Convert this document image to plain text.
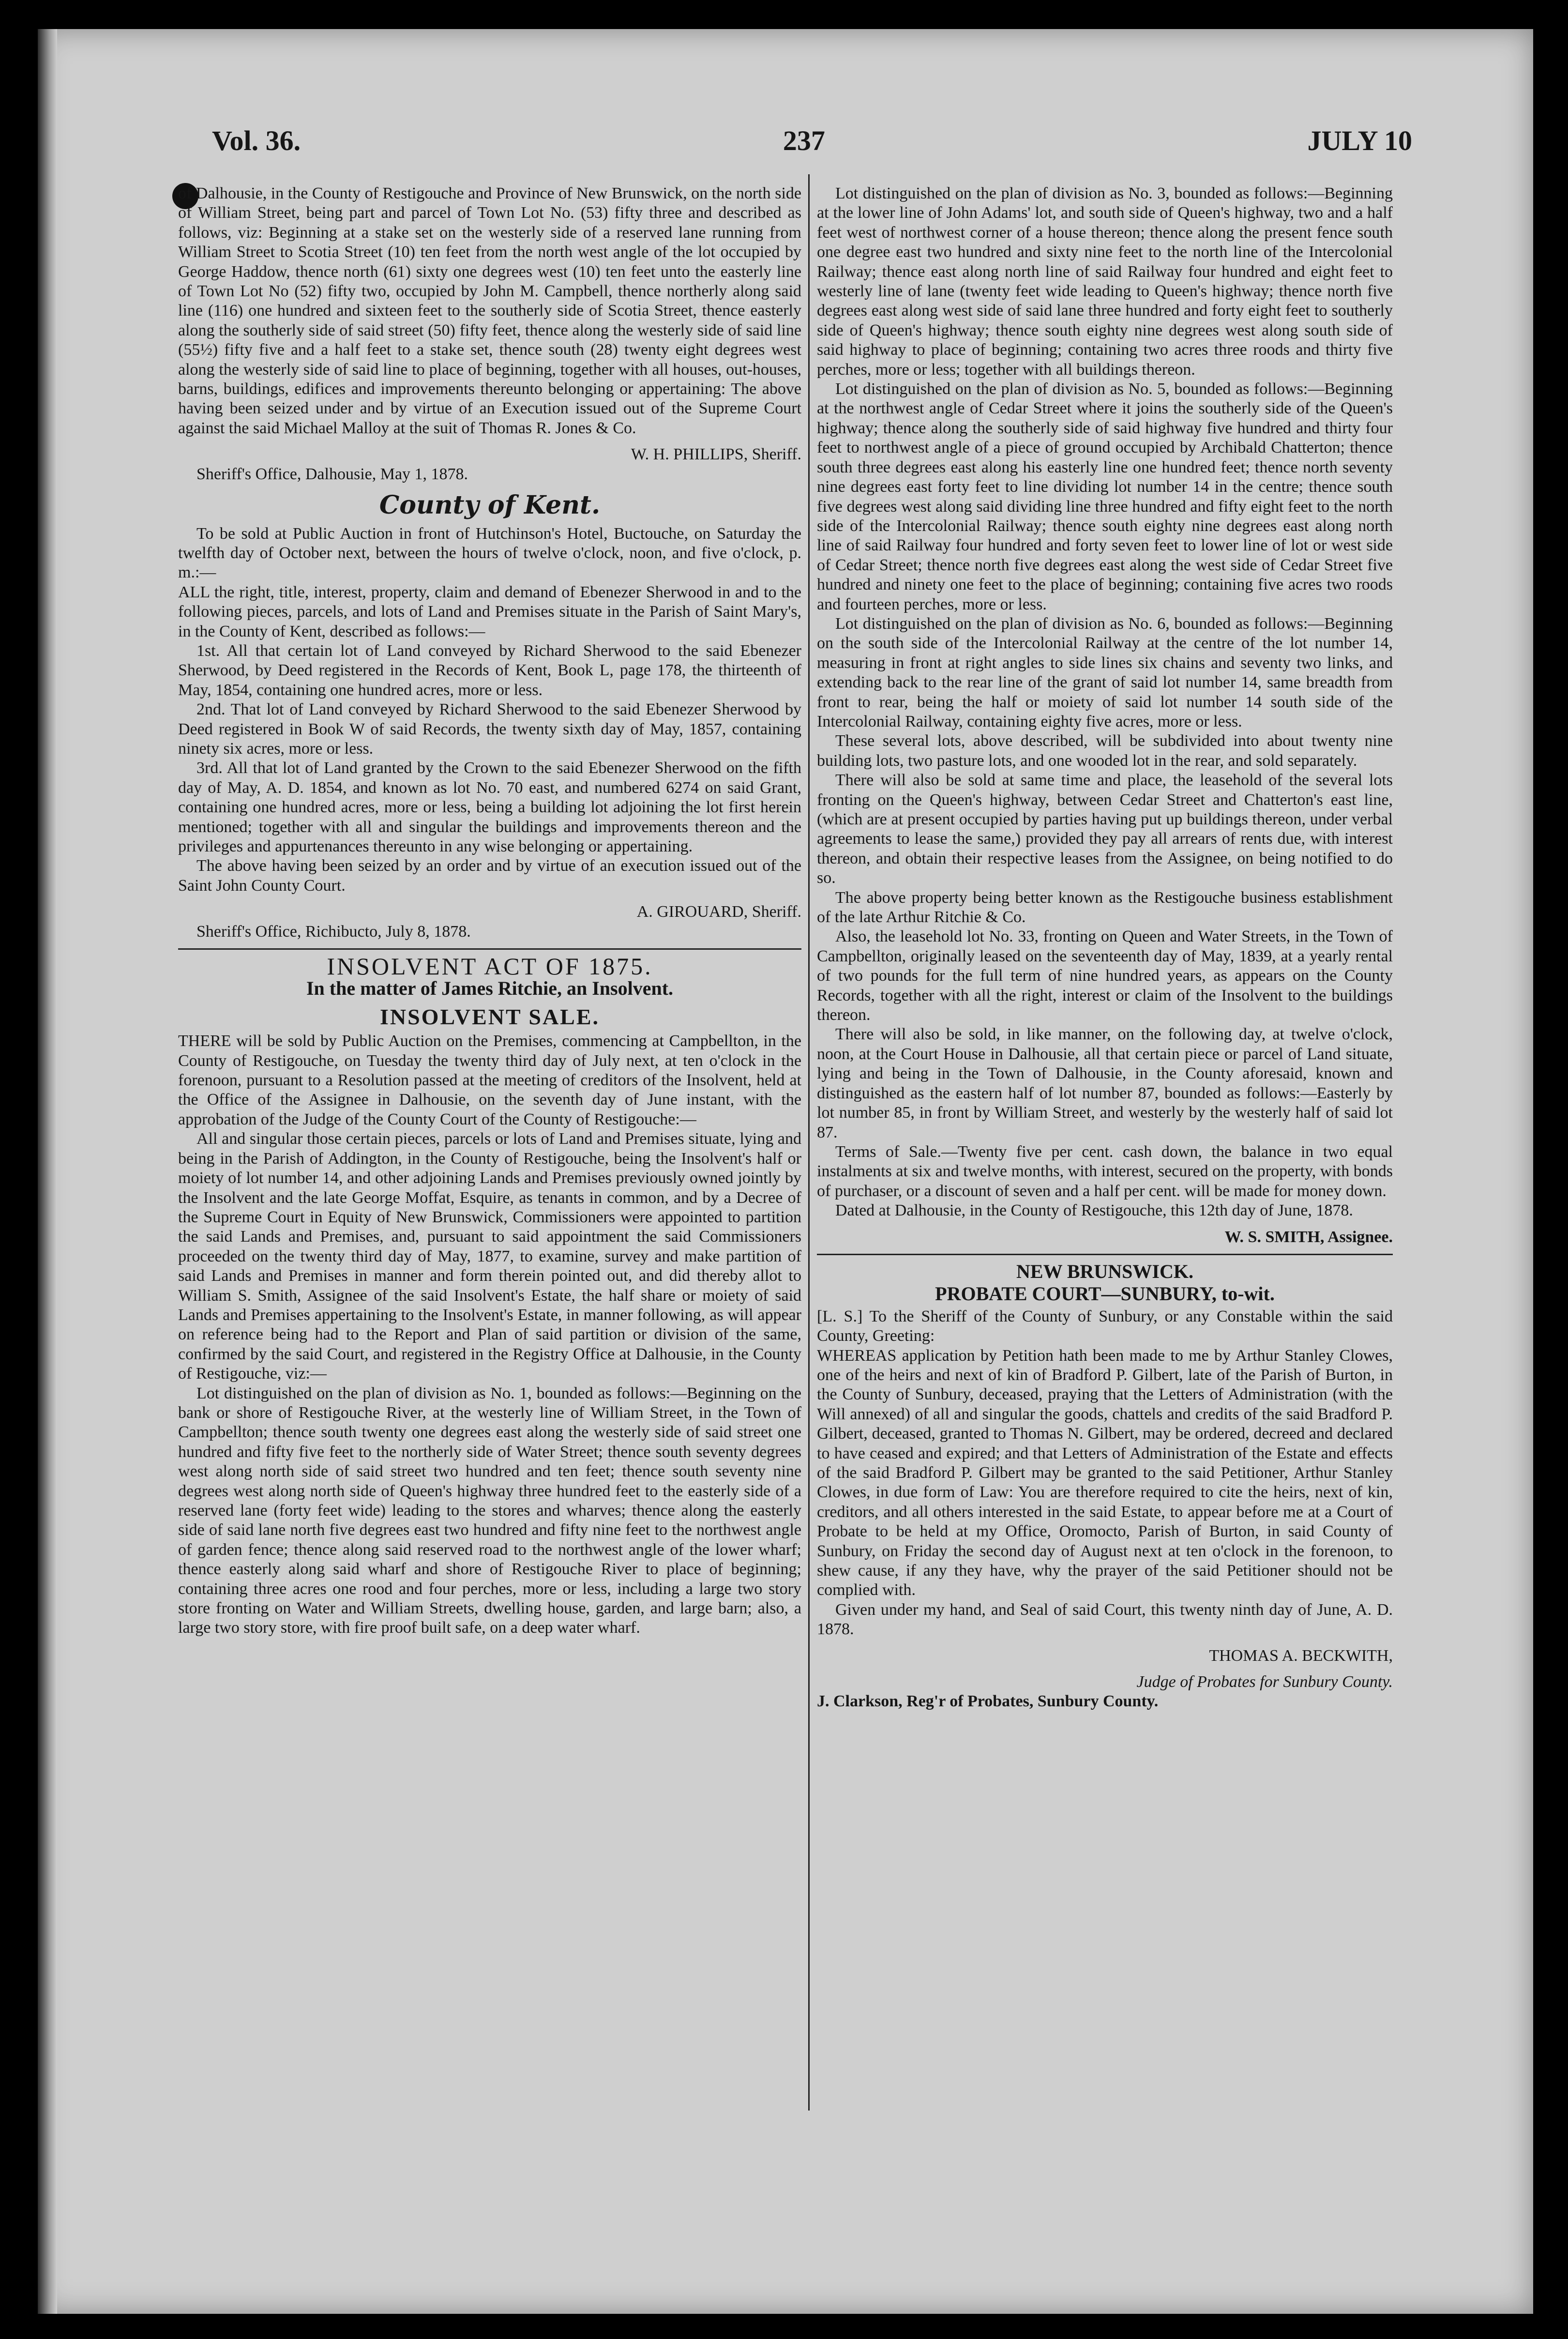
Vol. 36.	237	JULY 10

of Dalhousie, in the County of Restigouche and Province of New Brunswick, on the north side of William Street, being part and parcel of Town Lot No. (53) fifty three and described as follows, viz: Beginning at a stake set on the westerly side of a reserved lane running from William Street to Scotia Street (10) ten feet from the north west angle of the lot occupied by George Haddow, thence north (61) sixty one degrees west (10) ten feet unto the easterly line of Town Lot No (52) fifty two, occupied by John M. Campbell, thence northerly along said line (116) one hundred and sixteen feet to the southerly side of Scotia Street, thence easterly along the southerly side of said street (50) fifty feet, thence along the westerly side of said line (55½) fifty five and a half feet to a stake set, thence south (28) twenty eight degrees west along the westerly side of said line to place of beginning, together with all houses, out-houses, barns, buildings, edifices and improvements thereunto belonging or appertaining: The above having been seized under and by virtue of an Execution issued out of the Supreme Court against the said Michael Malloy at the suit of Thomas R. Jones & Co.

W. H. PHILLIPS, Sheriff.

Sheriff's Office, Dalhousie, May 1, 1878.

County of Kent.

To be sold at Public Auction in front of Hutchinson's Hotel, Buctouche, on Saturday the twelfth day of October next, between the hours of twelve o'clock, noon, and five o'clock, p. m.:—

ALL the right, title, interest, property, claim and demand of Ebenezer Sherwood in and to the following pieces, parcels, and lots of Land and Premises situate in the Parish of Saint Mary's, in the County of Kent, described as follows:—

1st. All that certain lot of Land conveyed by Richard Sherwood to the said Ebenezer Sherwood, by Deed registered in the Records of Kent, Book L, page 178, the thirteenth of May, 1854, containing one hundred acres, more or less.

2nd. That lot of Land conveyed by Richard Sherwood to the said Ebenezer Sherwood by Deed registered in Book W of said Records, the twenty sixth day of May, 1857, containing ninety six acres, more or less.

3rd. All that lot of Land granted by the Crown to the said Ebenezer Sherwood on the fifth day of May, A. D. 1854, and known as lot No. 70 east, and numbered 6274 on said Grant, containing one hundred acres, more or less, being a building lot adjoining the lot first herein mentioned; together with all and singular the buildings and improvements thereon and the privileges and appurtenances thereunto in any wise belonging or appertaining.

The above having been seized by an order and by virtue of an execution issued out of the Saint John County Court.

A. GIROUARD, Sheriff.

Sheriff's Office, Richibucto, July 8, 1878.

INSOLVENT ACT OF 1875.
In the matter of James Ritchie, an Insolvent.
INSOLVENT SALE.

THERE will be sold by Public Auction on the Premises, commencing at Campbellton, in the County of Restigouche, on Tuesday the twenty third day of July next, at ten o'clock in the forenoon, pursuant to a Resolution passed at the meeting of creditors of the Insolvent, held at the Office of the Assignee in Dalhousie, on the seventh day of June instant, with the approbation of the Judge of the County Court of the County of Restigouche:—

All and singular those certain pieces, parcels or lots of Land and Premises situate, lying and being in the Parish of Addington, in the County of Restigouche, being the Insolvent's half or moiety of lot number 14, and other adjoining Lands and Premises previously owned jointly by the Insolvent and the late George Moffat, Esquire, as tenants in common, and by a Decree of the Supreme Court in Equity of New Brunswick, Commissioners were appointed to partition the said Lands and Premises, and, pursuant to said appointment the said Commissioners proceeded on the twenty third day of May, 1877, to examine, survey and make partition of said Lands and Premises in manner and form therein pointed out, and did thereby allot to William S. Smith, Assignee of the said Insolvent's Estate, the half share or moiety of said Lands and Premises appertaining to the Insolvent's Estate, in manner following, as will appear on reference being had to the Report and Plan of said partition or division of the same, confirmed by the said Court, and registered in the Registry Office at Dalhousie, in the County of Restigouche, viz:—

Lot distinguished on the plan of division as No. 1, bounded as follows:—Beginning on the bank or shore of Restigouche River, at the westerly line of William Street, in the Town of Campbellton; thence south twenty one degrees east along the westerly side of said street one hundred and fifty five feet to the northerly side of Water Street; thence south seventy degrees west along north side of said street two hundred and ten feet; thence south seventy nine degrees west along north side of Queen's highway three hundred feet to the easterly side of a reserved lane (forty feet wide) leading to the stores and wharves; thence along the easterly side of said lane north five degrees east two hundred and fifty nine feet to the northwest angle of garden fence; thence along said reserved road to the northwest angle of the lower wharf; thence easterly along said wharf and shore of Restigouche River to place of beginning; containing three acres one rood and four perches, more or less, including a large two story store fronting on Water and William Streets, dwelling house, garden, and large barn; also, a large two story store, with fire proof built safe, on a deep water wharf.

Lot distinguished on the plan of division as No. 3, bounded as follows:—Beginning at the lower line of John Adams' lot, and south side of Queen's highway, two and a half feet west of northwest corner of a house thereon; thence along the present fence south one degree east two hundred and sixty nine feet to the north line of the Intercolonial Railway; thence east along north line of said Railway four hundred and eight feet to westerly line of lane (twenty feet wide leading to Queen's highway; thence north five degrees east along west side of said lane three hundred and forty eight feet to southerly side of Queen's highway; thence south eighty nine degrees west along south side of said highway to place of beginning; containing two acres three roods and thirty five perches, more or less; together with all buildings thereon.

Lot distinguished on the plan of division as No. 5, bounded as follows:—Beginning at the northwest angle of Cedar Street where it joins the southerly side of the Queen's highway; thence along the southerly side of said highway five hundred and thirty four feet to northwest angle of a piece of ground occupied by Archibald Chatterton; thence south three degrees east along his easterly line one hundred feet; thence north seventy nine degrees east forty feet to line dividing lot number 14 in the centre; thence south five degrees west along said dividing line three hundred and fifty eight feet to the north side of the Intercolonial Railway; thence south eighty nine degrees east along north line of said Railway four hundred and forty seven feet to lower line of lot or west side of Cedar Street; thence north five degrees east along the west side of Cedar Street five hundred and ninety one feet to the place of beginning; containing five acres two roods and fourteen perches, more or less.

Lot distinguished on the plan of division as No. 6, bounded as follows:—Beginning on the south side of the Intercolonial Railway at the centre of the lot number 14, measuring in front at right angles to side lines six chains and seventy two links, and extending back to the rear line of the grant of said lot number 14, same breadth from front to rear, being the half or moiety of said lot number 14 south side of the Intercolonial Railway, containing eighty five acres, more or less.

These several lots, above described, will be subdivided into about twenty nine building lots, two pasture lots, and one wooded lot in the rear, and sold separately.

There will also be sold at same time and place, the leasehold of the several lots fronting on the Queen's highway, between Cedar Street and Chatterton's east line, (which are at present occupied by parties having put up buildings thereon, under verbal agreements to lease the same,) provided they pay all arrears of rents due, with interest thereon, and obtain their respective leases from the Assignee, on being notified to do so.

The above property being better known as the Restigouche business establishment of the late Arthur Ritchie & Co.

Also, the leasehold lot No. 33, fronting on Queen and Water Streets, in the Town of Campbellton, originally leased on the seventeenth day of May, 1839, at a yearly rental of two pounds for the full term of nine hundred years, as appears on the County Records, together with all the right, interest or claim of the Insolvent to the buildings thereon.

There will also be sold, in like manner, on the following day, at twelve o'clock, noon, at the Court House in Dalhousie, all that certain piece or parcel of Land situate, lying and being in the Town of Dalhousie, in the County aforesaid, known and distinguished as the eastern half of lot number 87, bounded as follows:—Easterly by lot number 85, in front by William Street, and westerly by the westerly half of said lot 87.

Terms of Sale.—Twenty five per cent. cash down, the balance in two equal instalments at six and twelve months, with interest, secured on the property, with bonds of purchaser, or a discount of seven and a half per cent. will be made for money down.

Dated at Dalhousie, in the County of Restigouche, this 12th day of June, 1878.

W. S. SMITH, Assignee.

NEW BRUNSWICK.
PROBATE COURT—SUNBURY, to-wit.

[L. S.] To the Sheriff of the County of Sunbury, or any Constable within the said County, Greeting:

WHEREAS application by Petition hath been made to me by Arthur Stanley Clowes, one of the heirs and next of kin of Bradford P. Gilbert, late of the Parish of Burton, in the County of Sunbury, deceased, praying that the Letters of Administration (with the Will annexed) of all and singular the goods, chattels and credits of the said Bradford P. Gilbert, deceased, granted to Thomas N. Gilbert, may be ordered, decreed and declared to have ceased and expired; and that Letters of Administration of the Estate and effects of the said Bradford P. Gilbert may be granted to the said Petitioner, Arthur Stanley Clowes, in due form of Law: You are therefore required to cite the heirs, next of kin, creditors, and all others interested in the said Estate, to appear before me at a Court of Probate to be held at my Office, Oromocto, Parish of Burton, in said County of Sunbury, on Friday the second day of August next at ten o'clock in the forenoon, to shew cause, if any they have, why the prayer of the said Petitioner should not be complied with.

Given under my hand, and Seal of said Court, this twenty ninth day of June, A. D. 1878.

THOMAS A. BECKWITH,

Judge of Probates for Sunbury County.

J. Clarkson, Reg'r of Probates, Sunbury County.
